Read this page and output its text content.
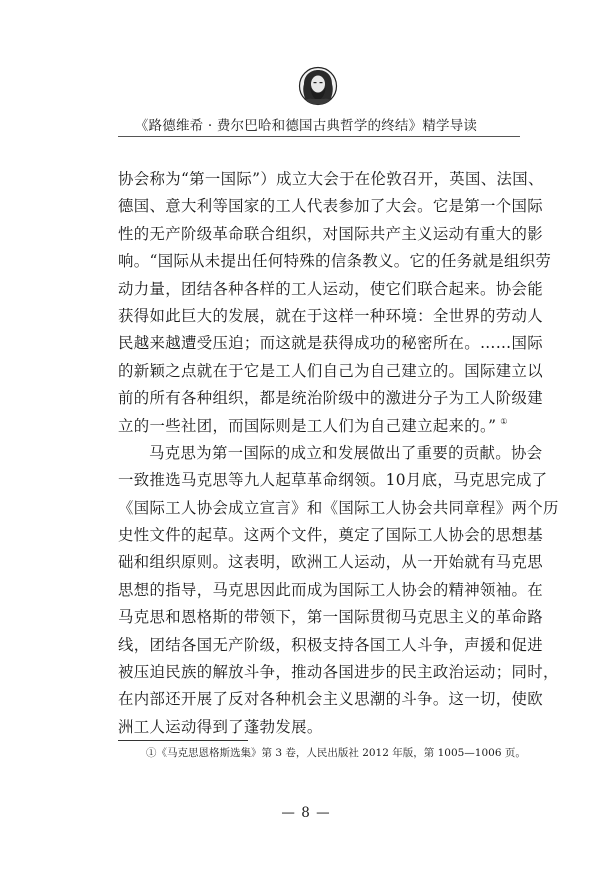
《路德维希 · 费尔巴哈和德国古典哲学的终结》精学导读
协会称为“第一国际”）成立大会于在伦敦召开，英国、法国、
德国、意大利等国家的工人代表参加了大会。它是第一个国际
性的无产阶级革命联合组织，对国际共产主义运动有重大的影
响。“国际从未提出任何特殊的信条教义。它的任务就是组织劳
动力量，团结各种各样的工人运动，使它们联合起来。协会能
获得如此巨大的发展，就在于这样一种环境：全世界的劳动人
民越来越遭受压迫；而这就是获得成功的秘密所在。……国际
的新颖之点就在于它是工人们自己为自己建立的。国际建立以
前的所有各种组织，都是统治阶级中的激进分子为工人阶级建
立的一些社团，而国际则是工人们为自己建立起来的。” ①
马克思为第一国际的成立和发展做出了重要的贡献。协会
一致推选马克思等九人起草革命纲领。10月底，马克思完成了
《国际工人协会成立宣言》和《国际工人协会共同章程》两个历
史性文件的起草。这两个文件，奠定了国际工人协会的思想基
础和组织原则。这表明，欧洲工人运动，从一开始就有马克思
思想的指导，马克思因此而成为国际工人协会的精神领袖。在
马克思和恩格斯的带领下，第一国际贯彻马克思主义的革命路
线，团结各国无产阶级，积极支持各国工人斗争，声援和促进
被压迫民族的解放斗争，推动各国进步的民主政治运动；同时，
在内部还开展了反对各种机会主义思潮的斗争。这一切，使欧
洲工人运动得到了蓬勃发展。
①《马克思恩格斯选集》第 3 卷，人民出版社 2012 年版，第 1005—1006 页。
— 8 —
